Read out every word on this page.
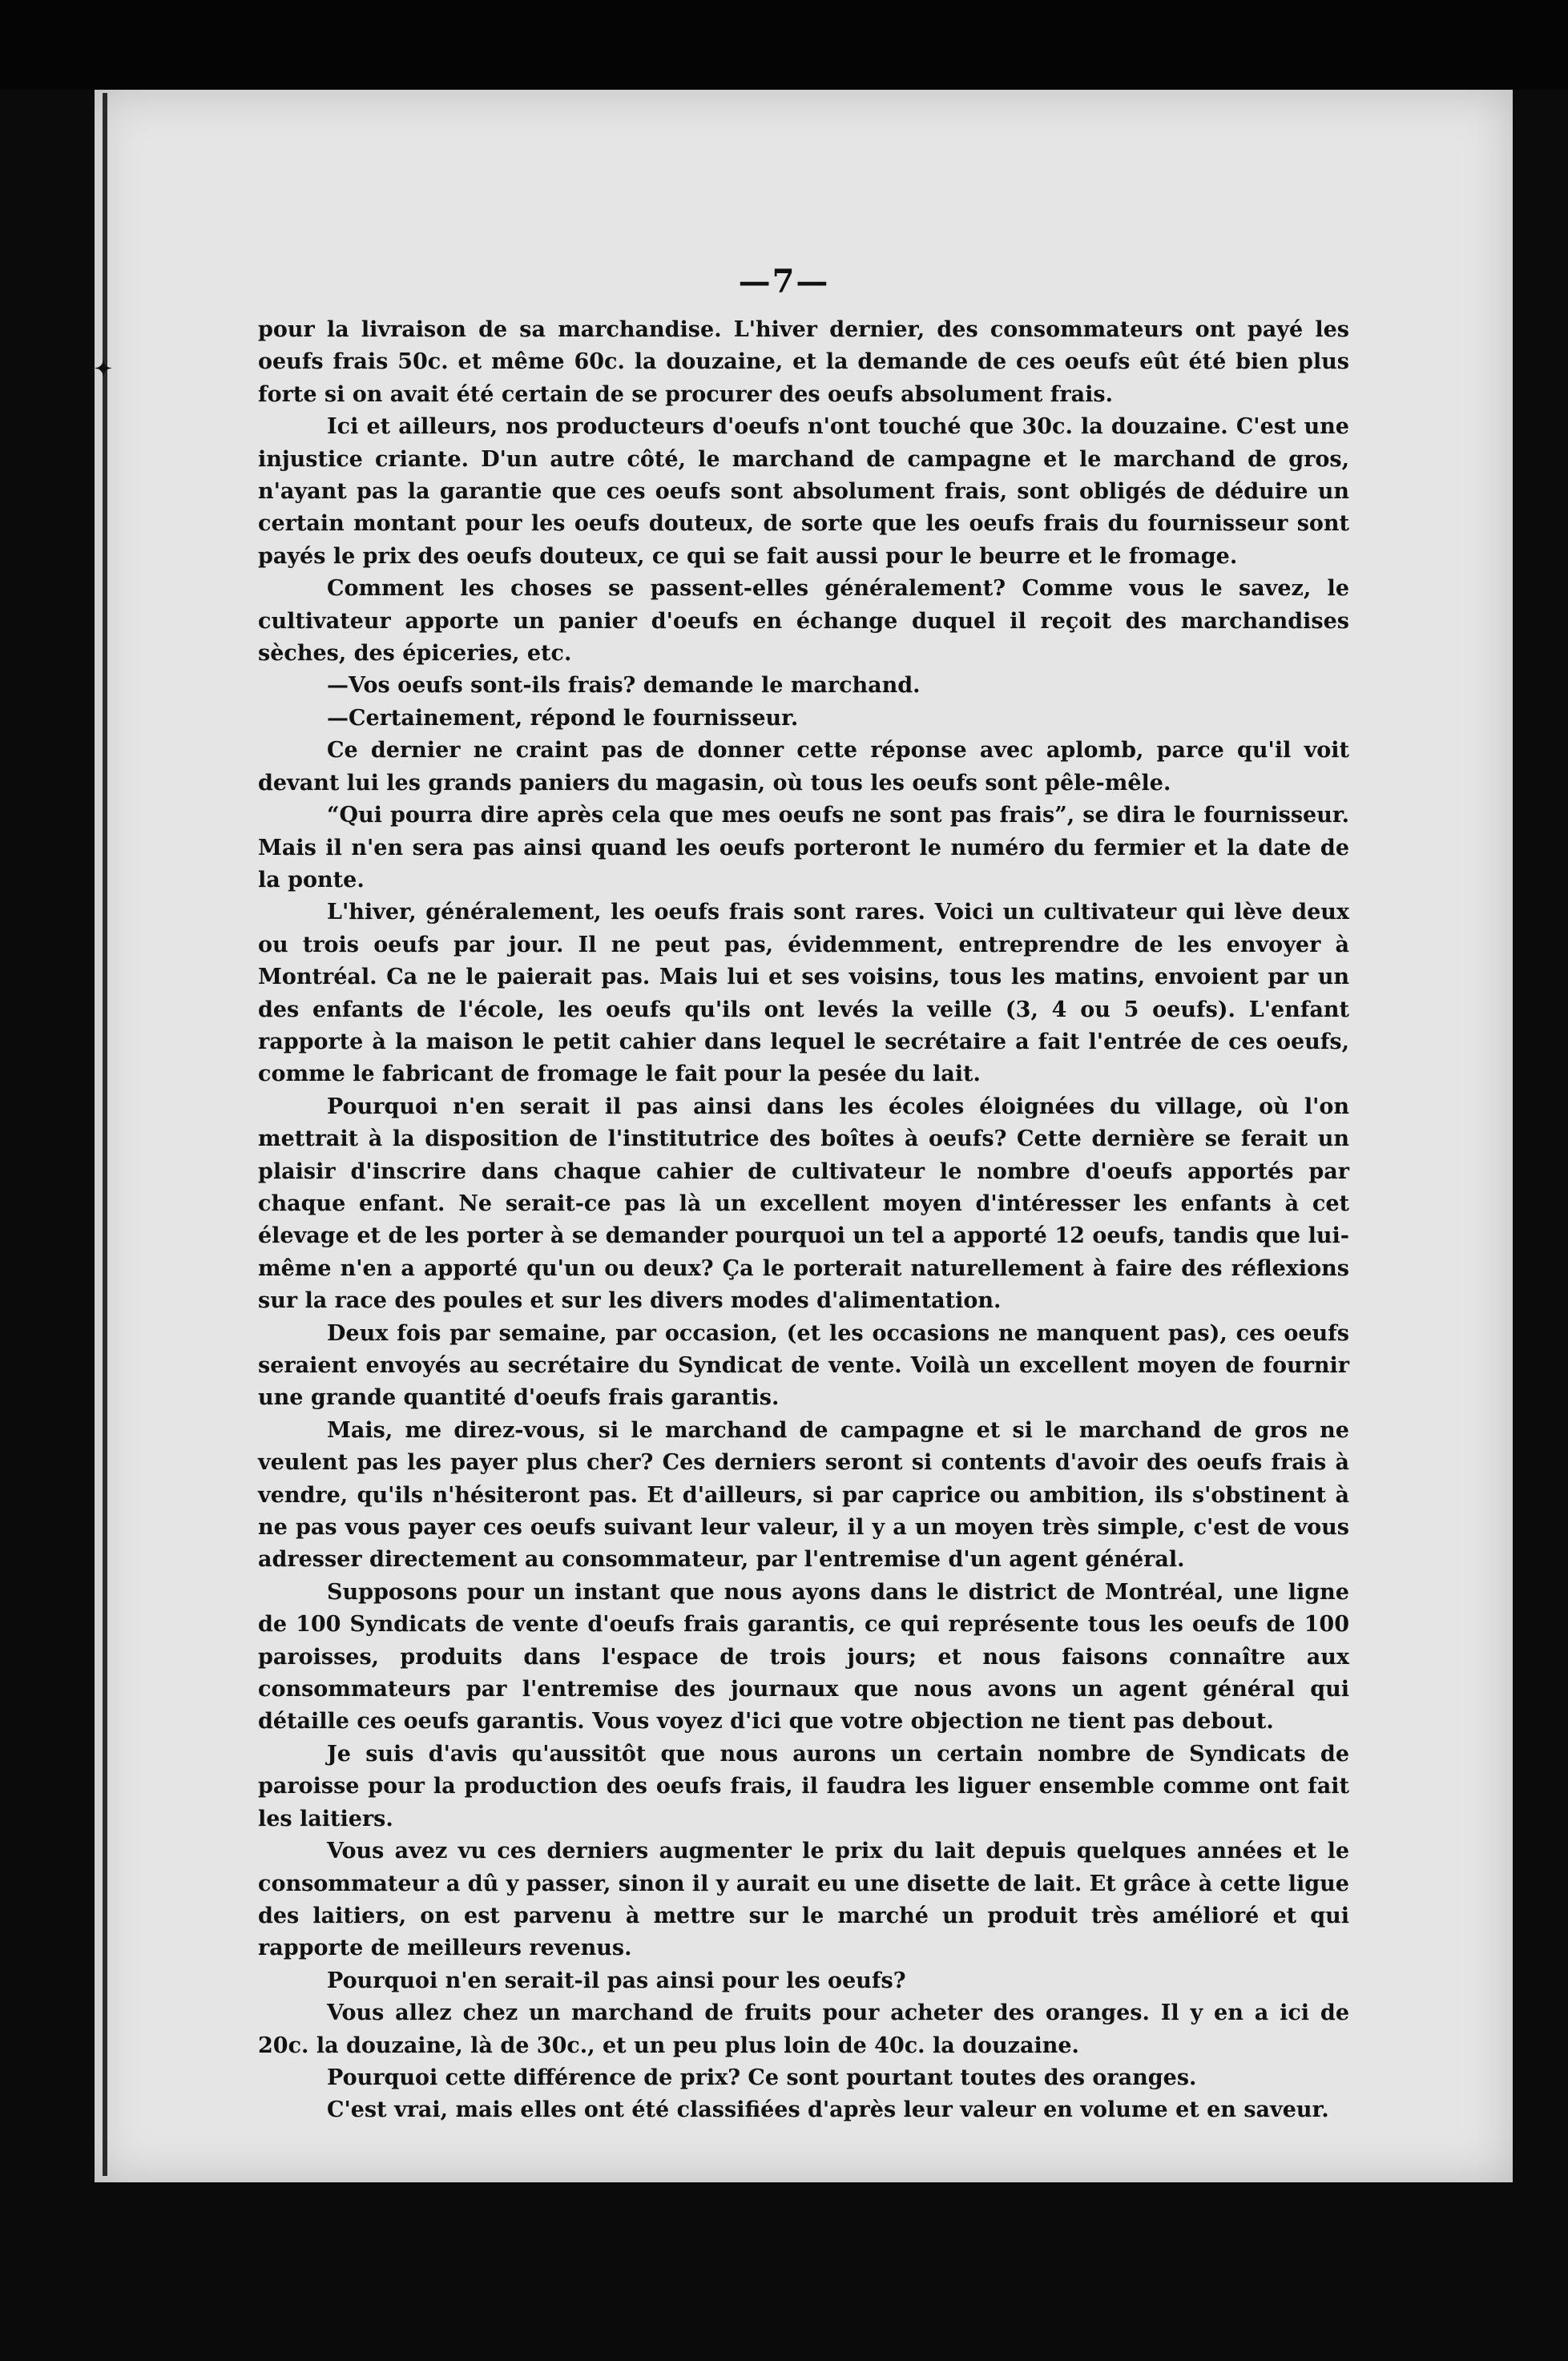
✦
—7—

pour la livraison de sa marchandise. L'hiver dernier, des consommateurs ont payé les oeufs frais 50c. et même 60c. la douzaine, et la demande de ces oeufs eût été bien plus forte si on avait été certain de se procurer des oeufs absolument frais.

Ici et ailleurs, nos producteurs d'oeufs n'ont touché que 30c. la douzaine. C'est une injustice criante. D'un autre côté, le marchand de campagne et le marchand de gros, n'ayant pas la garantie que ces oeufs sont absolument frais, sont obligés de déduire un certain montant pour les oeufs douteux, de sorte que les oeufs frais du fournisseur sont payés le prix des oeufs douteux, ce qui se fait aussi pour le beurre et le fromage.

Comment les choses se passent-elles généralement? Comme vous le savez, le cultivateur apporte un panier d'oeufs en échange duquel il reçoit des marchandises sèches, des épiceries, etc.

—Vos oeufs sont-ils frais? demande le marchand.

—Certainement, répond le fournisseur.

Ce dernier ne craint pas de donner cette réponse avec aplomb, parce qu'il voit devant lui les grands paniers du magasin, où tous les oeufs sont pêle-mêle.

“Qui pourra dire après cela que mes oeufs ne sont pas frais”, se dira le fournisseur. Mais il n'en sera pas ainsi quand les oeufs porteront le numéro du fermier et la date de la ponte.

L'hiver, généralement, les oeufs frais sont rares. Voici un cultivateur qui lève deux ou trois oeufs par jour. Il ne peut pas, évidemment, entreprendre de les envoyer à Montréal. Ca ne le paierait pas. Mais lui et ses voisins, tous les matins, envoient par un des enfants de l'école, les oeufs qu'ils ont levés la veille (3, 4 ou 5 oeufs). L'enfant rapporte à la maison le petit cahier dans lequel le secrétaire a fait l'entrée de ces oeufs, comme le fabricant de fromage le fait pour la pesée du lait.

Pourquoi n'en serait il pas ainsi dans les écoles éloignées du village, où l'on mettrait à la disposition de l'institutrice des boîtes à oeufs? Cette dernière se ferait un plaisir d'inscrire dans chaque cahier de cultivateur le nombre d'oeufs apportés par chaque enfant. Ne serait-ce pas là un excellent moyen d'intéresser les enfants à cet élevage et de les porter à se demander pourquoi un tel a apporté 12 oeufs, tandis que lui-même n'en a apporté qu'un ou deux? Ça le porterait naturellement à faire des réflexions sur la race des poules et sur les divers modes d'alimentation.

Deux fois par semaine, par occasion, (et les occasions ne manquent pas), ces oeufs seraient envoyés au secrétaire du Syndicat de vente. Voilà un excellent moyen de fournir une grande quantité d'oeufs frais garantis.

Mais, me direz-vous, si le marchand de campagne et si le marchand de gros ne veulent pas les payer plus cher? Ces derniers seront si contents d'avoir des oeufs frais à vendre, qu'ils n'hésiteront pas. Et d'ailleurs, si par caprice ou ambition, ils s'obstinent à ne pas vous payer ces oeufs suivant leur valeur, il y a un moyen très simple, c'est de vous adresser directement au consommateur, par l'entremise d'un agent général.

Supposons pour un instant que nous ayons dans le district de Montréal, une ligne de 100 Syndicats de vente d'oeufs frais garantis, ce qui représente tous les oeufs de 100 paroisses, produits dans l'espace de trois jours; et nous faisons connaître aux consommateurs par l'entremise des journaux que nous avons un agent général qui détaille ces oeufs garantis. Vous voyez d'ici que votre objection ne tient pas debout.

Je suis d'avis qu'aussitôt que nous aurons un certain nombre de Syndicats de paroisse pour la production des oeufs frais, il faudra les liguer ensemble comme ont fait les laitiers.

Vous avez vu ces derniers augmenter le prix du lait depuis quelques années et le consommateur a dû y passer, sinon il y aurait eu une disette de lait. Et grâce à cette ligue des laitiers, on est parvenu à mettre sur le marché un produit très amélioré et qui rapporte de meilleurs revenus.

Pourquoi n'en serait-il pas ainsi pour les oeufs?

Vous allez chez un marchand de fruits pour acheter des oranges. Il y en a ici de 20c. la douzaine, là de 30c., et un peu plus loin de 40c. la douzaine.

Pourquoi cette différence de prix? Ce sont pourtant toutes des oranges.

C'est vrai, mais elles ont été classifiées d'après leur valeur en volume et en saveur.
